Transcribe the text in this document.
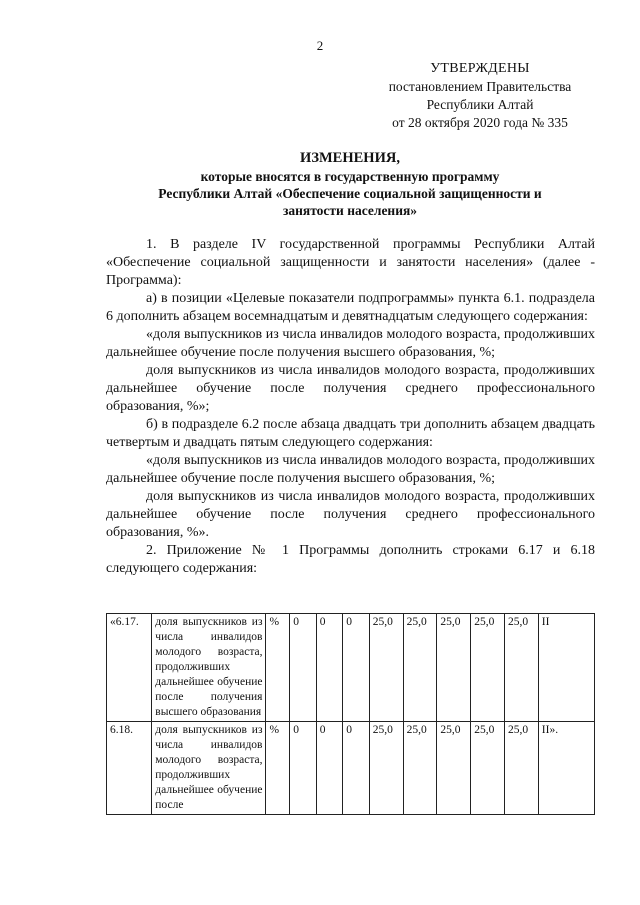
2
УТВЕРЖДЕНЫ
постановлением Правительства
Республики Алтай
от 28 октября 2020 года № 335
ИЗМЕНЕНИЯ,
которые вносятся в государственную программу
Республики Алтай «Обеспечение социальной защищенности и
занятости населения»

1. В разделе IV государственной программы Республики Алтай «Обеспечение социальной защищенности и занятости населения» (далее - Программа):

а) в позиции «Целевые показатели подпрограммы» пункта 6.1. подраздела 6 дополнить абзацем восемнадцатым и девятнадцатым следующего содержания:

«доля выпускников из числа инвалидов молодого возраста, продолживших дальнейшее обучение после получения высшего образования, %;

доля выпускников из числа инвалидов молодого возраста, продолживших дальнейшее обучение после получения среднего профессионального образования, %»;

б) в подразделе 6.2 после абзаца двадцать три дополнить абзацем двадцать четвертым и двадцать пятым следующего содержания:

«доля выпускников из числа инвалидов молодого возраста, продолживших дальнейшее обучение после получения высшего образования, %;

доля выпускников из числа инвалидов молодого возраста, продолживших дальнейшее обучение после получения среднего профессионального образования, %».

2. Приложение № 1 Программы дополнить строками 6.17 и 6.18 следующего содержания:

«6.17.	доля выпускников из числа инвалидов молодого возраста, продолживших дальнейшее обучение после получения высшего образования	%	0	0	0	25,0	25,0	25,0	25,0	25,0	II
6.18.	доля выпускников из числа инвалидов молодого возраста, продолживших дальнейшее обучение после	%	0	0	0	25,0	25,0	25,0	25,0	25,0	II».
